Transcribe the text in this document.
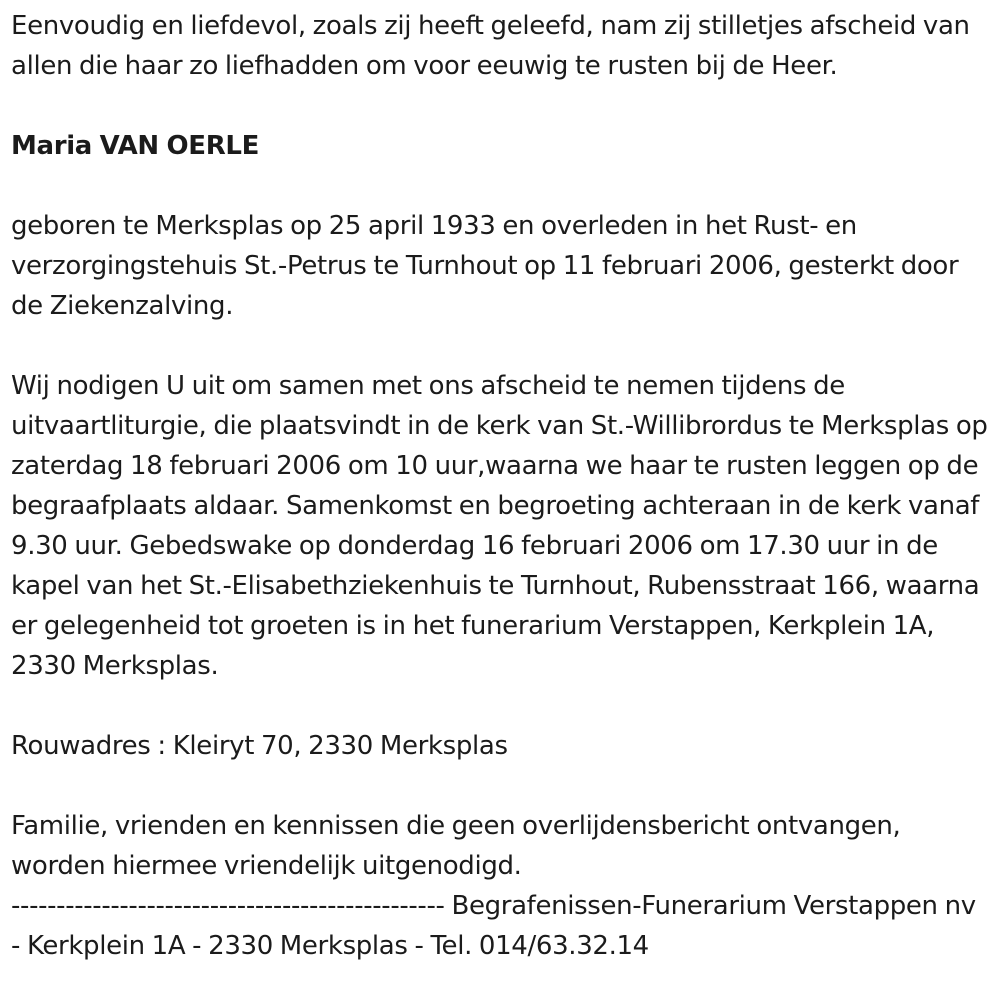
Eenvoudig en liefdevol, zoals zij heeft geleefd, nam zij stilletjes afscheid van allen die haar zo liefhadden om voor eeuwig te rusten bij de Heer.

Maria VAN OERLE

geboren te Merksplas op 25 april 1933 en overleden in het Rust- en verzorgingstehuis St.-Petrus te Turnhout op 11 februari 2006, gesterkt door de Ziekenzalving.

Wij nodigen U uit om samen met ons afscheid te nemen tijdens de uitvaartliturgie, die plaatsvindt in de kerk van St.-Willibrordus te Merksplas op zaterdag 18 februari 2006 om 10 uur,waarna we haar te rusten leggen op de begraafplaats aldaar. Samenkomst en begroeting achteraan in de kerk vanaf 9.30 uur. Gebedswake op donderdag 16 februari 2006 om 17.30 uur in de kapel van het St.-Elisabethziekenhuis te Turnhout, Rubensstraat 166, waarna er gelegenheid tot groeten is in het funerarium Verstappen, Kerkplein 1A, 2330 Merksplas.

Rouwadres : Kleiryt 70, 2330 Merksplas

Familie, vrienden en kennissen die geen overlijdensbericht ontvangen, worden hiermee vriendelijk uitgenodigd.

------------------------------------------------ Begrafenissen-Funerarium Verstappen nv - Kerkplein 1A - 2330 Merksplas - Tel. 014/63.32.14
